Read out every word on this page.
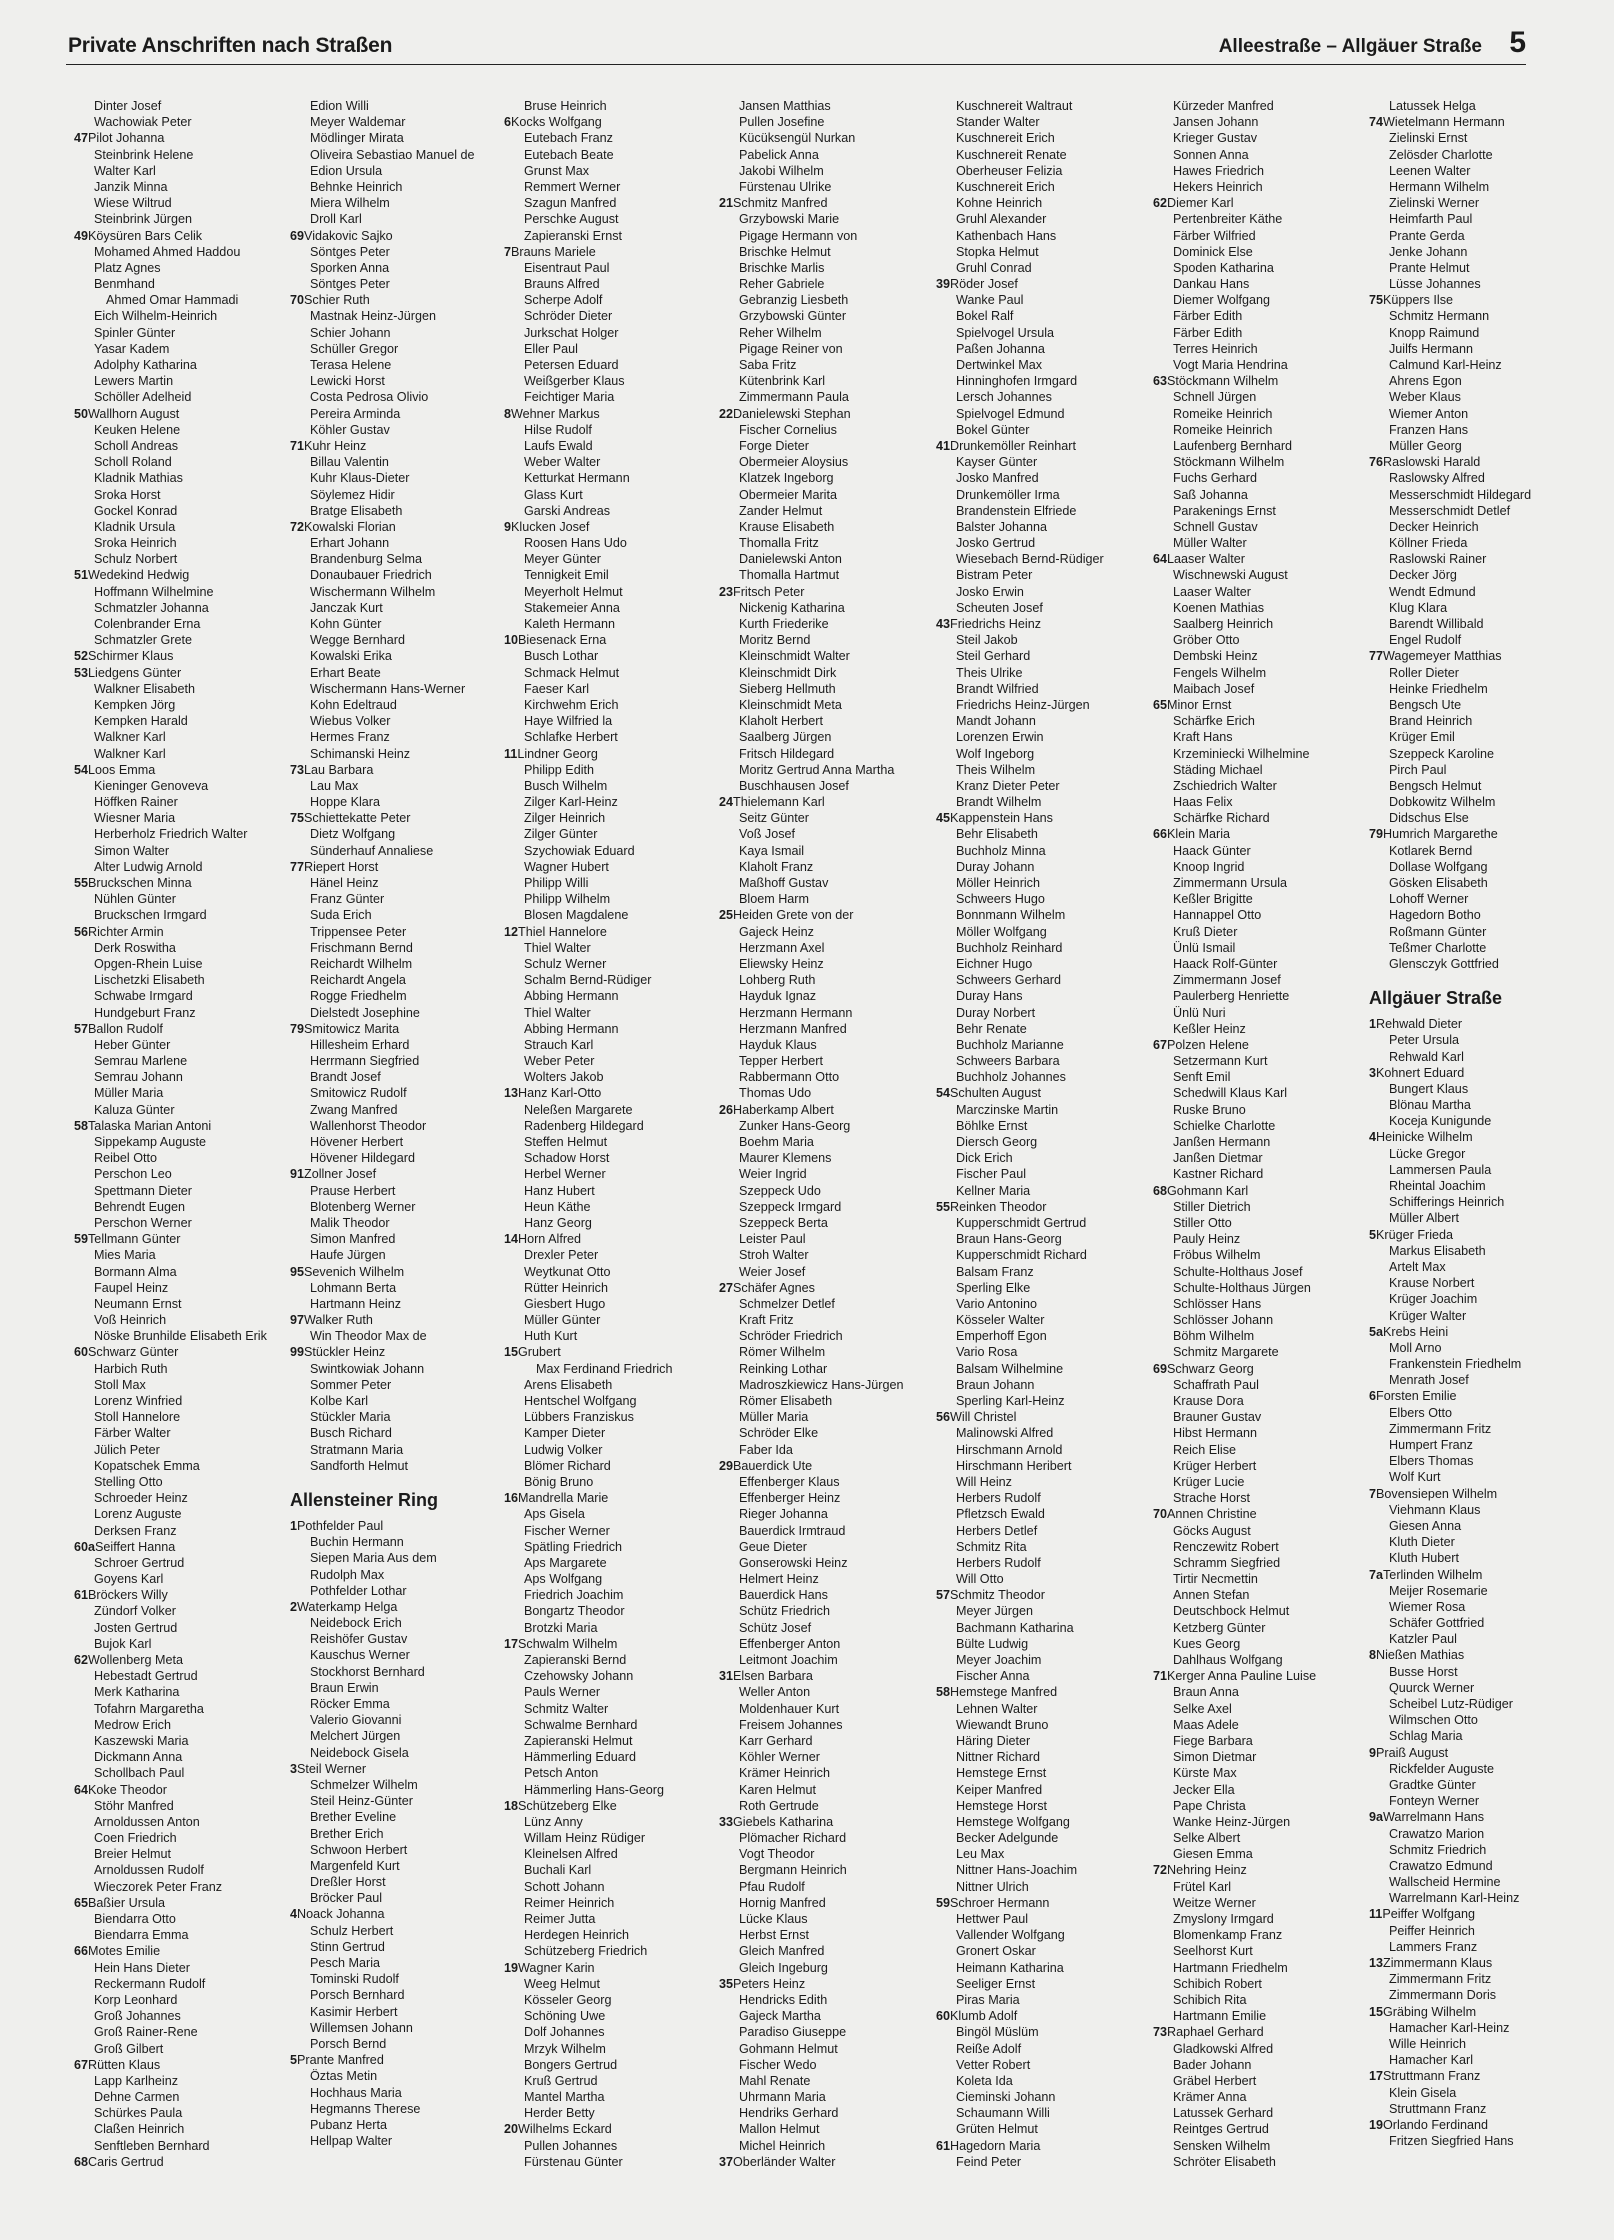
Private Anschriften nach Straßen	Alleestraße – Allgäuer Straße 5
Dinter Josef
Wachowiak Peter
47Pilot Johanna
Steinbrink Helene
Walter Karl
Janzik Minna
Wiese Wiltrud
Steinbrink Jürgen
49Köysüren Bars Celik
Mohamed Ahmed Haddou
Platz Agnes
Benmhand
Ahmed Omar Hammadi
Eich Wilhelm-Heinrich
Spinler Günter
Yasar Kadem
Adolphy Katharina
Lewers Martin
Schöller Adelheid
50Wallhorn August
Keuken Helene
Scholl Andreas
Scholl Roland
Kladnik Mathias
Sroka Horst
Gockel Konrad
Kladnik Ursula
Sroka Heinrich
Schulz Norbert
51Wedekind Hedwig
Hoffmann Wilhelmine
Schmatzler Johanna
Colenbrander Erna
Schmatzler Grete
52Schirmer Klaus
53Liedgens Günter
Walkner Elisabeth
Kempken Jörg
Kempken Harald
Walkner Karl
Walkner Karl
54Loos Emma
Kieninger Genoveva
Höffken Rainer
Wiesner Maria
Herberholz Friedrich Walter
Simon Walter
Alter Ludwig Arnold
55Bruckschen Minna
Nühlen Günter
Bruckschen Irmgard
56Richter Armin
Derk Roswitha
Opgen-Rhein Luise
Lischetzki Elisabeth
Schwabe Irmgard
Hundgeburt Franz
57Ballon Rudolf
Heber Günter
Semrau Marlene
Semrau Johann
Müller Maria
Kaluza Günter
58Talaska Marian Antoni
Sippekamp Auguste
Reibel Otto
Perschon Leo
Spettmann Dieter
Behrendt Eugen
Perschon Werner
59Tellmann Günter
Mies Maria
Bormann Alma
Faupel Heinz
Neumann Ernst
Voß Heinrich
Nöske Brunhilde Elisabeth Erik
60Schwarz Günter
Harbich Ruth
Stoll Max
Lorenz Winfried
Stoll Hannelore
Färber Walter
Jülich Peter
Kopatschek Emma
Stelling Otto
Schroeder Heinz
Lorenz Auguste
Derksen Franz
60aSeiffert Hanna
Schroer Gertrud
Goyens Karl
61Bröckers Willy
Zündorf Volker
Josten Gertrud
Bujok Karl
62Wollenberg Meta
Hebestadt Gertrud
Merk Katharina
Tofahrn Margaretha
Medrow Erich
Kaszewski Maria
Dickmann Anna
Schollbach Paul
64Koke Theodor
Stöhr Manfred
Arnoldussen Anton
Coen Friedrich
Breier Helmut
Arnoldussen Rudolf
Wieczorek Peter Franz
65Baßier Ursula
Biendarra Otto
Biendarra Emma
66Motes Emilie
Hein Hans Dieter
Reckermann Rudolf
Korp Leonhard
Groß Johannes
Groß Rainer-Rene
Groß Gilbert
67Rütten Klaus
Lapp Karlheinz
Dehne Carmen
Schürkes Paula
Claßen Heinrich
Senftleben Bernhard
68Caris Gertrud
Edion Willi
Meyer Waldemar
Mödlinger Mirata
Oliveira Sebastiao Manuel de
Edion Ursula
Behnke Heinrich
Miera Wilhelm
Droll Karl
69Vidakovic Sajko
Söntges Peter
Sporken Anna
Söntges Peter
70Schier Ruth
Mastnak Heinz-Jürgen
Schier Johann
Schüller Gregor
Terasa Helene
Lewicki Horst
Costa Pedrosa Olivio
Pereira Arminda
Köhler Gustav
71Kuhr Heinz
Billau Valentin
Kuhr Klaus-Dieter
Söylemez Hidir
Bratge Elisabeth
72Kowalski Florian
Erhart Johann
Brandenburg Selma
Donaubauer Friedrich
Wischermann Wilhelm
Janczak Kurt
Kohn Günter
Wegge Bernhard
Kowalski Erika
Erhart Beate
Wischermann Hans-Werner
Kohn Edeltraud
Wiebus Volker
Hermes Franz
Schimanski Heinz
73Lau Barbara
Lau Max
Hoppe Klara
75Schiettekatte Peter
Dietz Wolfgang
Sünderhauf Annaliese
77Riepert Horst
Hänel Heinz
Franz Günter
Suda Erich
Trippensee Peter
Frischmann Bernd
Reichardt Wilhelm
Reichardt Angela
Rogge Friedhelm
Dielstedt Josephine
79Smitowicz Marita
Hillesheim Erhard
Herrmann Siegfried
Brandt Josef
Smitowicz Rudolf
Zwang Manfred
Wallenhorst Theodor
Hövener Herbert
Hövener Hildegard
91Zollner Josef
Prause Herbert
Blotenberg Werner
Malik Theodor
Simon Manfred
Haufe Jürgen
95Sevenich Wilhelm
Lohmann Berta
Hartmann Heinz
97Walker Ruth
Win Theodor Max de
99Stückler Heinz
Swintkowiak Johann
Sommer Peter
Kolbe Karl
Stückler Maria
Busch Richard
Stratmann Maria
Sandforth Helmut
Allensteiner Ring
1Pothfelder Paul
Buchin Hermann
Siepen Maria Aus dem
Rudolph Max
Pothfelder Lothar
2Waterkamp Helga
Neidebock Erich
Reishöfer Gustav
Kauschus Werner
Stockhorst Bernhard
Braun Erwin
Röcker Emma
Valerio Giovanni
Melchert Jürgen
Neidebock Gisela
3Steil Werner
Schmelzer Wilhelm
Steil Heinz-Günter
Brether Eveline
Brether Erich
Schwoon Herbert
Margenfeld Kurt
Dreßler Horst
Bröcker Paul
4Noack Johanna
Schulz Herbert
Stinn Gertrud
Pesch Maria
Tominski Rudolf
Porsch Bernhard
Kasimir Herbert
Willemsen Johann
Porsch Bernd
5Prante Manfred
Öztas Metin
Hochhaus Maria
Hegmanns Therese
Pubanz Herta
Hellpap Walter
Bruse Heinrich
6Kocks Wolfgang
Eutebach Franz
Eutebach Beate
Grunst Max
Remmert Werner
Szagun Manfred
Perschke August
Zapieranski Ernst
7Brauns Mariele
Eisentraut Paul
Brauns Alfred
Scherpe Adolf
Schröder Dieter
Jurkschat Holger
Eller Paul
Petersen Eduard
Weißgerber Klaus
Feichtiger Maria
8Wehner Markus
Hilse Rudolf
Laufs Ewald
Weber Walter
Ketturkat Hermann
Glass Kurt
Garski Andreas
9Klucken Josef
Roosen Hans Udo
Meyer Günter
Tennigkeit Emil
Meyerholt Helmut
Stakemeier Anna
Kaleth Hermann
10Biesenack Erna
Busch Lothar
Schmack Helmut
Faeser Karl
Kirchwehm Erich
Haye Wilfried la
Schlafke Herbert
11Lindner Georg
Philipp Edith
Busch Wilhelm
Zilger Karl-Heinz
Zilger Heinrich
Zilger Günter
Szychowiak Eduard
Wagner Hubert
Philipp Willi
Philipp Wilhelm
Blosen Magdalene
12Thiel Hannelore
Thiel Walter
Schulz Werner
Schalm Bernd-Rüdiger
Abbing Hermann
Thiel Walter
Abbing Hermann
Strauch Karl
Weber Peter
Wolters Jakob
13Hanz Karl-Otto
Neleßen Margarete
Radenberg Hildegard
Steffen Helmut
Schadow Horst
Herbel Werner
Hanz Hubert
Heun Käthe
Hanz Georg
14Horn Alfred
Drexler Peter
Weytkunat Otto
Rütter Heinrich
Giesbert Hugo
Müller Günter
Huth Kurt
15Grubert
Max Ferdinand Friedrich
Arens Elisabeth
Hentschel Wolfgang
Lübbers Franziskus
Kamper Dieter
Ludwig Volker
Blömer Richard
Bönig Bruno
16Mandrella Marie
Aps Gisela
Fischer Werner
Spätling Friedrich
Aps Margarete
Aps Wolfgang
Friedrich Joachim
Bongartz Theodor
Brotzki Maria
17Schwalm Wilhelm
Zapieranski Bernd
Czehowsky Johann
Pauls Werner
Schmitz Walter
Schwalme Bernhard
Zapieranski Helmut
Hämmerling Eduard
Petsch Anton
Hämmerling Hans-Georg
18Schützeberg Elke
Lünz Anny
Willam Heinz Rüdiger
Kleinelsen Alfred
Buchali Karl
Schott Johann
Reimer Heinrich
Reimer Jutta
Herdegen Heinrich
Schützeberg Friedrich
19Wagner Karin
Weeg Helmut
Kösseler Georg
Schöning Uwe
Dolf Johannes
Mrzyk Wilhelm
Bongers Gertrud
Kruß Gertrud
Mantel Martha
Herder Betty
20Wilhelms Eckard
Pullen Johannes
Fürstenau Günter
Jansen Matthias
Pullen Josefine
Kücüksengül Nurkan
Pabelick Anna
Jakobi Wilhelm
Fürstenau Ulrike
21Schmitz Manfred
Grzybowski Marie
Pigage Hermann von
Brischke Helmut
Brischke Marlis
Reher Gabriele
Gebranzig Liesbeth
Grzybowski Günter
Reher Wilhelm
Pigage Reiner von
Saba Fritz
Kütenbrink Karl
Zimmermann Paula
22Danielewski Stephan
Fischer Cornelius
Forge Dieter
Obermeier Aloysius
Klatzek Ingeborg
Obermeier Marita
Zander Helmut
Krause Elisabeth
Thomalla Fritz
Danielewski Anton
Thomalla Hartmut
23Fritsch Peter
Nickenig Katharina
Kurth Friederike
Moritz Bernd
Kleinschmidt Walter
Kleinschmidt Dirk
Sieberg Hellmuth
Kleinschmidt Meta
Klaholt Herbert
Saalberg Jürgen
Fritsch Hildegard
Moritz Gertrud Anna Martha
Buschhausen Josef
24Thielemann Karl
Seitz Günter
Voß Josef
Kaya Ismail
Klaholt Franz
Maßhoff Gustav
Bloem Harm
25Heiden Grete von der
Gajeck Heinz
Herzmann Axel
Eliewsky Heinz
Lohberg Ruth
Hayduk Ignaz
Herzmann Hermann
Herzmann Manfred
Hayduk Klaus
Tepper Herbert
Rabbermann Otto
Thomas Udo
26Haberkamp Albert
Zunker Hans-Georg
Boehm Maria
Maurer Klemens
Weier Ingrid
Szeppeck Udo
Szeppeck Irmgard
Szeppeck Berta
Leister Paul
Stroh Walter
Weier Josef
27Schäfer Agnes
Schmelzer Detlef
Kraft Fritz
Schröder Friedrich
Römer Wilhelm
Reinking Lothar
Madroszkiewicz Hans-Jürgen
Römer Elisabeth
Müller Maria
Schröder Elke
Faber Ida
29Bauerdick Ute
Effenberger Klaus
Effenberger Heinz
Rieger Johanna
Bauerdick Irmtraud
Geue Dieter
Gonserowski Heinz
Helmert Heinz
Bauerdick Hans
Schütz Friedrich
Schütz Josef
Effenberger Anton
Leitmont Joachim
31Elsen Barbara
Weller Anton
Moldenhauer Kurt
Freisem Johannes
Karr Gerhard
Köhler Werner
Krämer Heinrich
Karen Helmut
Roth Gertrude
33Giebels Katharina
Plömacher Richard
Vogt Theodor
Bergmann Heinrich
Pfau Rudolf
Hornig Manfred
Lücke Klaus
Herbst Ernst
Gleich Manfred
Gleich Ingeburg
35Peters Heinz
Hendricks Edith
Gajeck Martha
Paradiso Giuseppe
Gohmann Helmut
Fischer Wedo
Mahl Renate
Uhrmann Maria
Hendriks Gerhard
Mallon Helmut
Michel Heinrich
37Oberländer Walter
Kuschnereit Waltraut
Stander Walter
Kuschnereit Erich
Kuschnereit Renate
Oberheuser Felizia
Kuschnereit Erich
Kohne Heinrich
Gruhl Alexander
Kathenbach Hans
Stopka Helmut
Gruhl Conrad
39Röder Josef
Wanke Paul
Bokel Ralf
Spielvogel Ursula
Paßen Johanna
Dertwinkel Max
Hinninghofen Irmgard
Lersch Johannes
Spielvogel Edmund
Bokel Günter
41Drunkemöller Reinhart
Kayser Günter
Josko Manfred
Drunkemöller Irma
Brandenstein Elfriede
Balster Johanna
Josko Gertrud
Wiesebach Bernd-Rüdiger
Bistram Peter
Josko Erwin
Scheuten Josef
43Friedrichs Heinz
Steil Jakob
Steil Gerhard
Theis Ulrike
Brandt Wilfried
Friedrichs Heinz-Jürgen
Mandt Johann
Lorenzen Erwin
Wolf Ingeborg
Theis Wilhelm
Kranz Dieter Peter
Brandt Wilhelm
45Kappenstein Hans
Behr Elisabeth
Buchholz Minna
Duray Johann
Möller Heinrich
Schweers Hugo
Bonnmann Wilhelm
Möller Wolfgang
Buchholz Reinhard
Eichner Hugo
Schweers Gerhard
Duray Hans
Duray Norbert
Behr Renate
Buchholz Marianne
Schweers Barbara
Buchholz Johannes
54Schulten August
Marczinske Martin
Böhlke Ernst
Diersch Georg
Dick Erich
Fischer Paul
Kellner Maria
55Reinken Theodor
Kupperschmidt Gertrud
Braun Hans-Georg
Kupperschmidt Richard
Balsam Franz
Sperling Elke
Vario Antonino
Kösseler Walter
Emperhoff Egon
Vario Rosa
Balsam Wilhelmine
Braun Johann
Sperling Karl-Heinz
56Will Christel
Malinowski Alfred
Hirschmann Arnold
Hirschmann Heribert
Will Heinz
Herbers Rudolf
Pfletzsch Ewald
Herbers Detlef
Schmitz Rita
Herbers Rudolf
Will Otto
57Schmitz Theodor
Meyer Jürgen
Bachmann Katharina
Bülte Ludwig
Meyer Joachim
Fischer Anna
58Hemstege Manfred
Lehnen Walter
Wiewandt Bruno
Häring Dieter
Nittner Richard
Hemstege Ernst
Keiper Manfred
Hemstege Horst
Hemstege Wolfgang
Becker Adelgunde
Leu Max
Nittner Hans-Joachim
Nittner Ulrich
59Schroer Hermann
Hettwer Paul
Vallender Wolfgang
Gronert Oskar
Heimann Katharina
Seeliger Ernst
Piras Maria
60Klumb Adolf
Bingöl Müslüm
Reiße Adolf
Vetter Robert
Koleta Ida
Cieminski Johann
Schaumann Willi
Grüten Helmut
61Hagedorn Maria
Feind Peter
Kürzeder Manfred
Jansen Johann
Krieger Gustav
Sonnen Anna
Hawes Friedrich
Hekers Heinrich
62Diemer Karl
Pertenbreiter Käthe
Färber Wilfried
Dominick Else
Spoden Katharina
Dankau Hans
Diemer Wolfgang
Färber Edith
Färber Edith
Terres Heinrich
Vogt Maria Hendrina
63Stöckmann Wilhelm
Schnell Jürgen
Romeike Heinrich
Romeike Heinrich
Laufenberg Bernhard
Stöckmann Wilhelm
Fuchs Gerhard
Saß Johanna
Parakenings Ernst
Schnell Gustav
Müller Walter
64Laaser Walter
Wischnewski August
Laaser Walter
Koenen Mathias
Saalberg Heinrich
Gröber Otto
Dembski Heinz
Fengels Wilhelm
Maibach Josef
65Minor Ernst
Schärfke Erich
Kraft Hans
Krzeminiecki Wilhelmine
Städing Michael
Zschiedrich Walter
Haas Felix
Schärfke Richard
66Klein Maria
Haack Günter
Knoop Ingrid
Zimmermann Ursula
Keßler Brigitte
Hannappel Otto
Kruß Dieter
Ünlü Ismail
Haack Rolf-Günter
Zimmermann Josef
Paulerberg Henriette
Ünlü Nuri
Keßler Heinz
67Polzen Helene
Setzermann Kurt
Senft Emil
Schedwill Klaus Karl
Ruske Bruno
Schielke Charlotte
Janßen Hermann
Janßen Dietmar
Kastner Richard
68Gohmann Karl
Stiller Dietrich
Stiller Otto
Pauly Heinz
Fröbus Wilhelm
Schulte-Holthaus Josef
Schulte-Holthaus Jürgen
Schlösser Hans
Schlösser Johann
Böhm Wilhelm
Schmitz Margarete
69Schwarz Georg
Schaffrath Paul
Krause Dora
Brauner Gustav
Hibst Hermann
Reich Elise
Krüger Herbert
Krüger Lucie
Strache Horst
70Annen Christine
Göcks August
Renczewitz Robert
Schramm Siegfried
Tirtir Necmettin
Annen Stefan
Deutschbock Helmut
Ketzberg Günter
Kues Georg
Dahlhaus Wolfgang
71Kerger Anna Pauline Luise
Braun Anna
Selke Axel
Maas Adele
Fiege Barbara
Simon Dietmar
Kürste Max
Jecker Ella
Pape Christa
Wanke Heinz-Jürgen
Selke Albert
Giesen Emma
72Nehring Heinz
Frütel Karl
Weitze Werner
Zmyslony Irmgard
Blomenkamp Franz
Seelhorst Kurt
Hartmann Friedhelm
Schibich Robert
Schibich Rita
Hartmann Emilie
73Raphael Gerhard
Gladkowski Alfred
Bader Johann
Gräbel Herbert
Krämer Anna
Latussek Gerhard
Reintges Gertrud
Sensken Wilhelm
Schröter Elisabeth
Latussek Helga
74Wietelmann Hermann
Zielinski Ernst
Zelösder Charlotte
Leenen Walter
Hermann Wilhelm
Zielinski Werner
Heimfarth Paul
Prante Gerda
Jenke Johann
Prante Helmut
Lüsse Johannes
75Küppers Ilse
Schmitz Hermann
Knopp Raimund
Juilfs Hermann
Calmund Karl-Heinz
Ahrens Egon
Weber Klaus
Wiemer Anton
Franzen Hans
Müller Georg
76Raslowski Harald
Raslowsky Alfred
Messerschmidt Hildegard
Messerschmidt Detlef
Decker Heinrich
Köllner Frieda
Raslowski Rainer
Decker Jörg
Wendt Edmund
Klug Klara
Barendt Willibald
Engel Rudolf
77Wagemeyer Matthias
Roller Dieter
Heinke Friedhelm
Bengsch Ute
Brand Heinrich
Krüger Emil
Szeppeck Karoline
Pirch Paul
Bengsch Helmut
Dobkowitz Wilhelm
Didschus Else
79Humrich Margarethe
Kotlarek Bernd
Dollase Wolfgang
Gösken Elisabeth
Lohoff Werner
Hagedorn Botho
Roßmann Günter
Teßmer Charlotte
Glensczyk Gottfried
Allgäuer Straße
1Rehwald Dieter
Peter Ursula
Rehwald Karl
3Kohnert Eduard
Bungert Klaus
Blönau Martha
Koceja Kunigunde
4Heinicke Wilhelm
Lücke Gregor
Lammersen Paula
Rheintal Joachim
Schifferings Heinrich
Müller Albert
5Krüger Frieda
Markus Elisabeth
Artelt Max
Krause Norbert
Krüger Joachim
Krüger Walter
5aKrebs Heini
Moll Arno
Frankenstein Friedhelm
Menrath Josef
6Forsten Emilie
Elbers Otto
Zimmermann Fritz
Humpert Franz
Elbers Thomas
Wolf Kurt
7Bovensiepen Wilhelm
Viehmann Klaus
Giesen Anna
Kluth Dieter
Kluth Hubert
7aTerlinden Wilhelm
Meijer Rosemarie
Wiemer Rosa
Schäfer Gottfried
Katzler Paul
8Nießen Mathias
Busse Horst
Quurck Werner
Scheibel Lutz-Rüdiger
Wilmschen Otto
Schlag Maria
9Praiß August
Rickfelder Auguste
Gradtke Günter
Fonteyn Werner
9aWarrelmann Hans
Crawatzo Marion
Schmitz Friedrich
Crawatzo Edmund
Wallscheid Hermine
Warrelmann Karl-Heinz
11Peiffer Wolfgang
Peiffer Heinrich
Lammers Franz
13Zimmermann Klaus
Zimmermann Fritz
Zimmermann Doris
15Gräbing Wilhelm
Hamacher Karl-Heinz
Wille Heinrich
Hamacher Karl
17Struttmann Franz
Klein Gisela
Struttmann Franz
19Orlando Ferdinand
Fritzen Siegfried Hans
